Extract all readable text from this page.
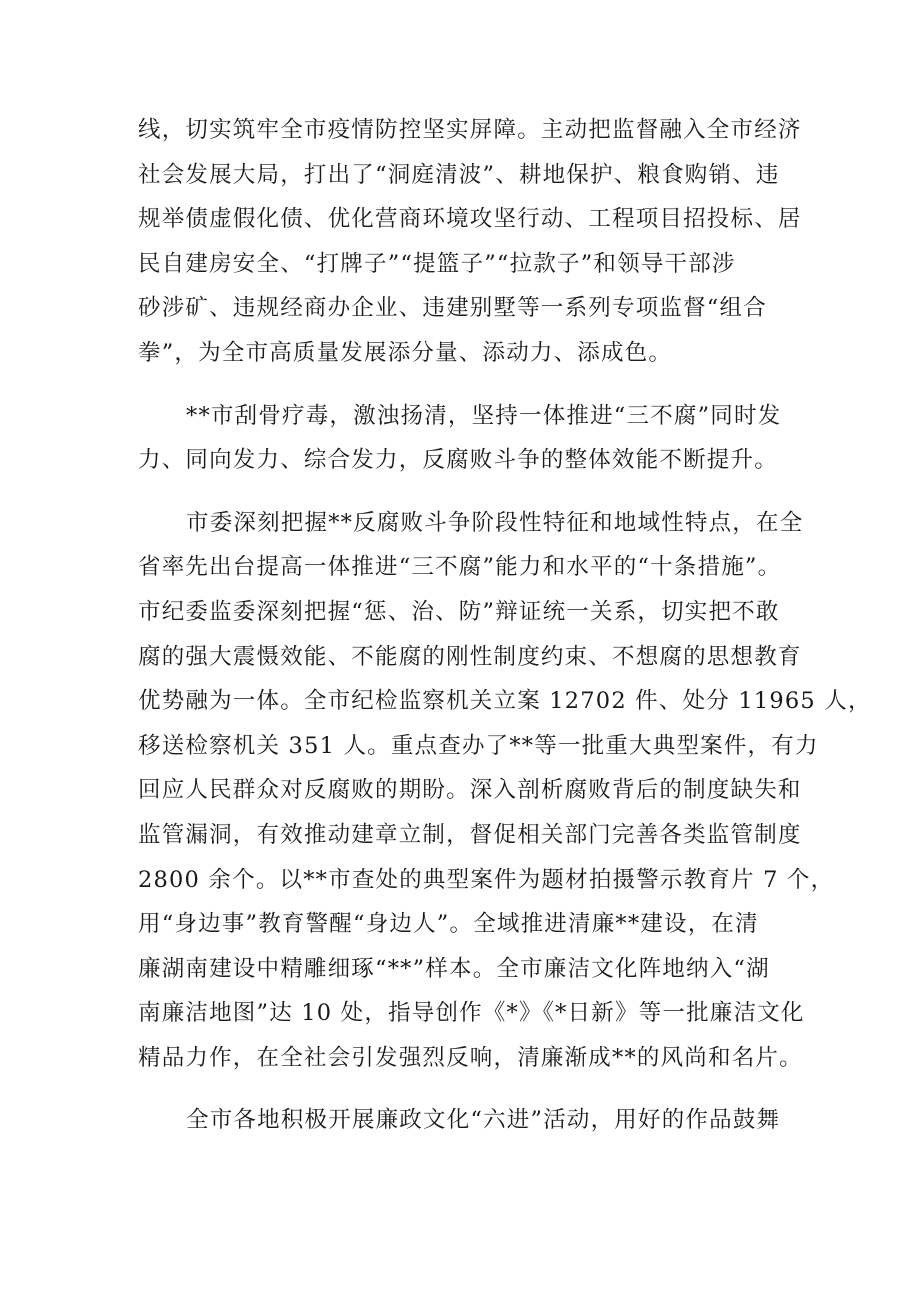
线，切实筑牢全市疫情防控坚实屏障。主动把监督融入全市经济
社会发展大局，打出了“洞庭清波”、耕地保护、粮食购销、违
规举债虚假化债、优化营商环境攻坚行动、工程项目招投标、居
民自建房安全、“打牌子”“提篮子”“拉款子”和领导干部涉
砂涉矿、违规经商办企业、违建别墅等一系列专项监督“组合
拳”，为全市高质量发展添分量、添动力、添成色。
**市刮骨疗毒，激浊扬清，坚持一体推进“三不腐”同时发
力、同向发力、综合发力，反腐败斗争的整体效能不断提升。
市委深刻把握**反腐败斗争阶段性特征和地域性特点，在全
省率先出台提高一体推进“三不腐”能力和水平的“十条措施”。
市纪委监委深刻把握“惩、治、防”辩证统一关系，切实把不敢
腐的强大震慑效能、不能腐的刚性制度约束、不想腐的思想教育
优势融为一体。全市纪检监察机关立案 12702 件、处分 11965 人，
移送检察机关 351 人。重点查办了**等一批重大典型案件，有力
回应人民群众对反腐败的期盼。深入剖析腐败背后的制度缺失和
监管漏洞，有效推动建章立制，督促相关部门完善各类监管制度
2800 余个。以**市查处的典型案件为题材拍摄警示教育片 7 个，
用“身边事”教育警醒“身边人”。全域推进清廉**建设，在清
廉湖南建设中精雕细琢“**”样本。全市廉洁文化阵地纳入“湖
南廉洁地图”达 10 处，指导创作《*》《*日新》等一批廉洁文化
精品力作，在全社会引发强烈反响，清廉渐成**的风尚和名片。
全市各地积极开展廉政文化“六进”活动，用好的作品鼓舞
